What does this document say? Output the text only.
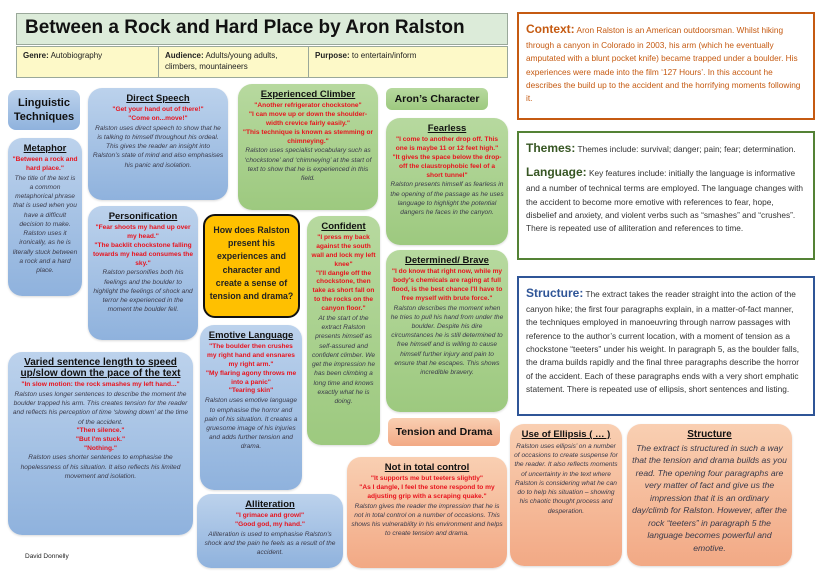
Between a Rock and Hard Place by Aron Ralston
Genre: Autobiography	Audience: Adults/young adults, climbers, mountaineers
Purpose: to entertain/inform
Context: Aron Ralston is an American outdoorsman. Whilst hiking through a canyon in Colorado in 2003, his arm (which he eventually amputated with a blunt pocket knife) became trapped under a boulder. His experiences were made into the film ‘127 Hours’. In this account he describes the build up to the accident and the horrifying moments following it.

Themes: Themes include: survival; danger; pain; fear; determination.

Language: Key features include: initially the language is informative and a number of technical terms are employed. The language changes with the accident to become more emotive with references to fear, hope, disbelief and anxiety, and violent verbs such as “smashes” and “crushes”. There is repeated use of alliteration and references to time.

Structure: The extract takes the reader straight into the action of the canyon hike; the first four paragraphs explain, in a matter-of-fact manner, the techniques employed in manoeuvring through narrow passages with reference to the author’s current location, with a moment of tension as a chockstone “teeters” under his weight. In paragraph 5, as the boulder falls, the drama builds rapidly and the final three paragraphs describe the horror of the accident. Each of these paragraphs ends with a very short emphatic statement. There is repeated use of ellipsis, short sentences and listing.
Linguistic Techniques
Aron’s Character
Tension and Drama
How does Ralston present his experiences and character and create a sense of tension and drama?
Metaphor
"Between a rock and hard place."
The title of the text is a common metaphorical phrase that is used when you have a difficult decision to make. Ralston uses it ironically, as he is literally stuck between a rock and a hard place.
Direct Speech
"Get your hand out of there!"
"Come on...move!"
Ralston uses direct speech to show that he is talking to himself throughout his ordeal. This gives the reader an insight into Ralston’s state of mind and also emphasises his panic and isolation.
Personification
"Fear shoots my hand up over my head."
"The backlit chockstone falling towards my head consumes the sky."
Ralston personifies both his feelings and the boulder to highlight the feelings of shock and terror he experienced in the moment the boulder fell.
Experienced Climber
"Another refrigerator chockstone"
"I can move up or down the shoulder-width crevice fairly easily."
"This technique is known as stemming or chimneying."
Ralston uses specialist vocabulary such as ‘chockstone’ and ‘chimneying’ at the start of text to show that he is experienced in this field.
Fearless
"I come to another drop off. This one is maybe 11 or 12 feet high."
"It gives the space below the drop-off the claustrophobic feel of a short tunnel"
Ralston presents himself as fearless in the opening of the passage as he uses language to highlight the potential dangers he faces in the canyon.
Confident
"I press my back against the south wall and lock my left knee"
"I'll dangle off the chockstone, then take as short fall on to the rocks on the canyon floor."
At the start of the extract Ralston presents himself as self-assured and confident climber. We get the impression he has been climbing a long time and knows exactly what he is doing.
Determined/ Brave
"I do know that right now, while my body's chemicals are raging at full flood, is the best chance I'll have to free myself with brute force."
Ralston describes the moment when he tries to pull his hand from under the boulder. Despite his dire circumstances he is still determined to free himself and is willing to cause himself further injury and pain to ensure that he escapes. This shows incredible bravery.
Emotive Language
"The boulder then crushes my right hand and ensnares my right arm."
"My flaring agony throws me into a panic"
"Tearing skin"
Ralston uses emotive language to emphasise the horror and pain of his situation. It creates a gruesome image of his injuries and adds further tension and drama.
Varied sentence length to speed up/slow down the pace of the text
"In slow motion: the rock smashes my left hand..."
Ralston uses longer sentences to describe the moment the boulder trapped his arm. This creates tension for the reader and reflects his perception of time ‘slowing down’ at the time of the accident.
"Then silence."
"But I'm stuck."
"Nothing."
Ralston uses shorter sentences to emphasise the hopelessness of his situation. It also reflects his limited movement and isolation.
Alliteration
"I grimace and growl"
"Good god, my hand."
Alliteration is used to emphasise Ralston’s shock and the pain he feels as a result of the accident.
Not in total control
"It supports me but teeters slightly"
"As I dangle, I feel the stone respond to my adjusting grip with a scraping quake."
Ralston gives the reader the impression that he is not in total control on a number of occasions. This shows his vulnerability in his environment and helps to create tension and drama.
Use of Ellipsis ( … )
Ralston uses ellipsis’ on a number of occasions to create suspense for the reader. It also reflects moments of uncertainty in the text where Ralston is considering what he can do to help his situation – showing his chaotic thought process and desperation.
Structure
The extract is structured in such a way that the tension and drama builds as you read. The opening four paragraphs are very matter of fact and give us the impression that it is an ordinary day/climb for Ralston. However, after the rock “teeters” in paragraph 5 the language becomes powerful and emotive.
David Donnelly
